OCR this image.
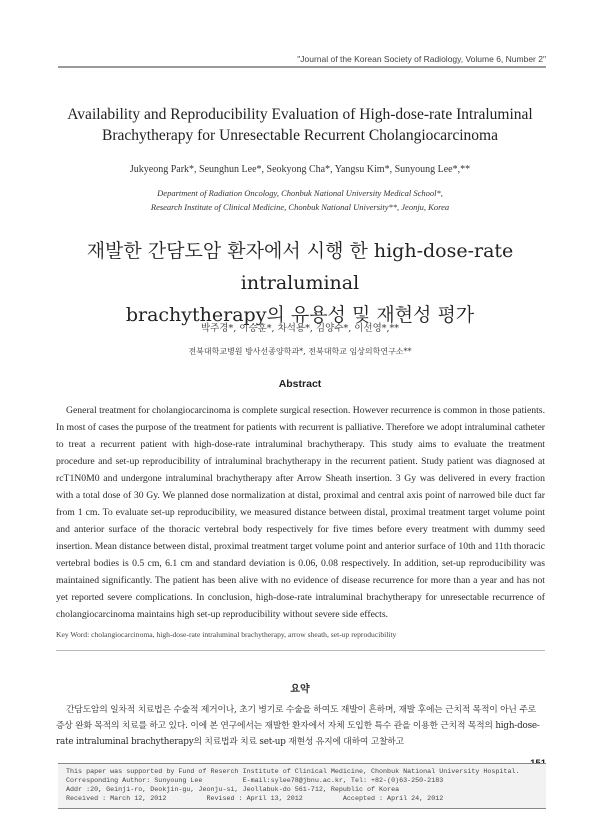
"Journal of the Korean Society of Radiology, Volume 6, Number 2"
Availability and Reproducibility Evaluation of High-dose-rate Intraluminal
Brachytherapy for Unresectable Recurrent Cholangiocarcinoma
Jukyeong Park*, Seunghun Lee*, Seokyong Cha*, Yangsu Kim*, Sunyoung Lee*,**
Department of Radiation Oncology, Chonbuk National University Medical School*,
Research Institute of Clinical Medicine, Chonbuk National University**, Jeonju, Korea
재발한 간담도암 환자에서 시행 한 high-dose-rate intraluminal
brachytherapy의 유용성 및 재현성 평가
박주경*, 이승훈*, 차석용*, 김양수*, 이선영*,**
전북대학교병원 방사선종양학과*, 전북대학교 임상의학연구소**
Abstract

General treatment for cholangiocarcinoma is complete surgical resection. However recurrence is common in those patients. In most of cases the purpose of the treatment for patients with recurrent is palliative. Therefore we adopt intraluminal catheter to treat a recurrent patient with high-dose-rate intraluminal brachytherapy. This study aims to evaluate the treatment procedure and set-up reproducibility of intraluminal brachytherapy in the recurrent patient. Study patient was diagnosed at rcT1N0M0 and undergone intraluminal brachytherapy after Arrow Sheath insertion. 3 Gy was delivered in every fraction with a total dose of 30 Gy. We planned dose normalization at distal, proximal and central axis point of narrowed bile duct far from 1 cm. To evaluate set-up reproducibility, we measured distance between distal, proximal treatment target volume point and anterior surface of the thoracic vertebral body respectively for five times before every treatment with dummy seed insertion. Mean distance between distal, proximal treatment target volume point and anterior surface of 10th and 11th thoracic vertebral bodies is 0.5 cm, 6.1 cm and standard deviation is 0.06, 0.08 respectively. In addition, set-up reproducibility was maintained significantly. The patient has been alive with no evidence of disease recurrence for more than a year and has not yet reported severe complications. In conclusion, high-dose-rate intraluminal brachytherapy for unresectable recurrence of cholangiocarcinoma maintains high set-up reproducibility without severe side effects.

Key Word: cholangiocarcinoma, high-dose-rate intraluminal brachytherapy, arrow sheath, set-up reproducibility
요약

간담도암의 일차적 치료법은 수술적 제거이나, 초기 병기로 수술을 하여도 재발이 흔하며, 재발 후에는 근치적 목적이 아닌 주로 증상 완화 목적의 치료를 하고 있다. 이에 본 연구에서는 재발한 환자에서 자체 도입한 특수 관을 이용한 근치적 목적의 high-dose-rate intraluminal brachytherapy의 치료법과 치료 set-up 재현성 유지에 대하여 고찰하고

This paper was supported by Fund of Reserch Institute of Clinical Medicine, Chonbuk National University Hospital.
Corresponding Author: Sunyoung Lee          E-mail:sylee78@jbnu.ac.kr, Tel: +82-(0)63-250-2183
Addr :20, Geinji-ro, Deokjin-gu, Jeonju-si, Jeollabuk-do 561-712, Republic of Korea
Received : March 12, 2012          Revised : April 13, 2012          Accepted : April 24, 2012
